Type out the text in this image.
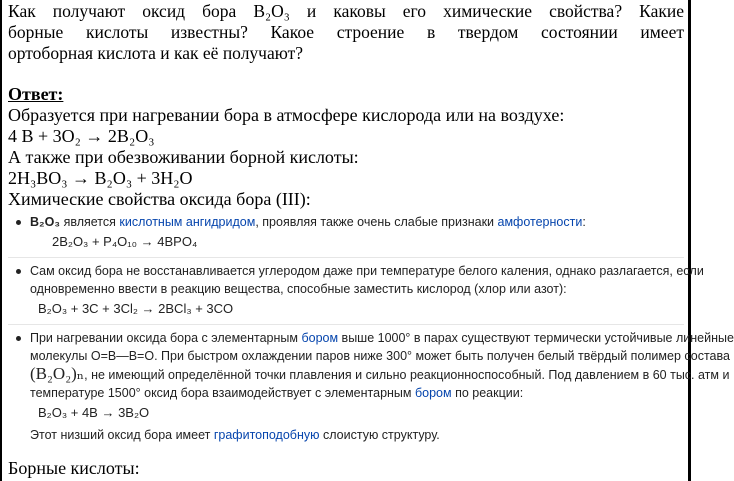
Как получают оксид бора B₂O₃ и каковы его химические свойства? Какие
борные кислоты известны? Какое строение в твердом состоянии имеет
ортоборная кислота и как её получают?
Ответ:
Образуется при нагревании бора в атмосфере кислорода или на воздухе:
4 B + 3O₂ → 2B₂O₃
А также при обезвоживании борной кислоты:
2H₃BO₃ → B₂O₃ + 3H₂O
Химические свойства оксида бора (III):
B₂O₃ является кислотным ангидридом, проявляя также очень слабые признаки амфотерности:
2B₂O₃ + P₄O₁₀ → 4BPO₄
Сам оксид бора не восстанавливается углеродом даже при температуре белого каления, однако разлагается, если
одновременно ввести в реакцию вещества, способные заместить кислород (хлор или азот):
B₂O₃ + 3C + 3Cl₂ → 2BCl₃ + 3CO
При нагревании оксида бора с элементарным бором выше 1000° в парах существуют термически устойчивые линейные
молекулы O=B—B=O. При быстром охлаждении паров ниже 300° может быть получен белый твёрдый полимер состава
(B₂O₂)ₙ, не имеющий определённой точки плавления и сильно реакционноспособный. Под давлением в 60 тыс. атм и
температуре 1500° оксид бора взаимодействует с элементарным бором по реакции:
B₂O₃ + 4B → 3B₂O
Этот низший оксид бора имеет графитоподобную слоистую структуру.
Борные кислоты:
